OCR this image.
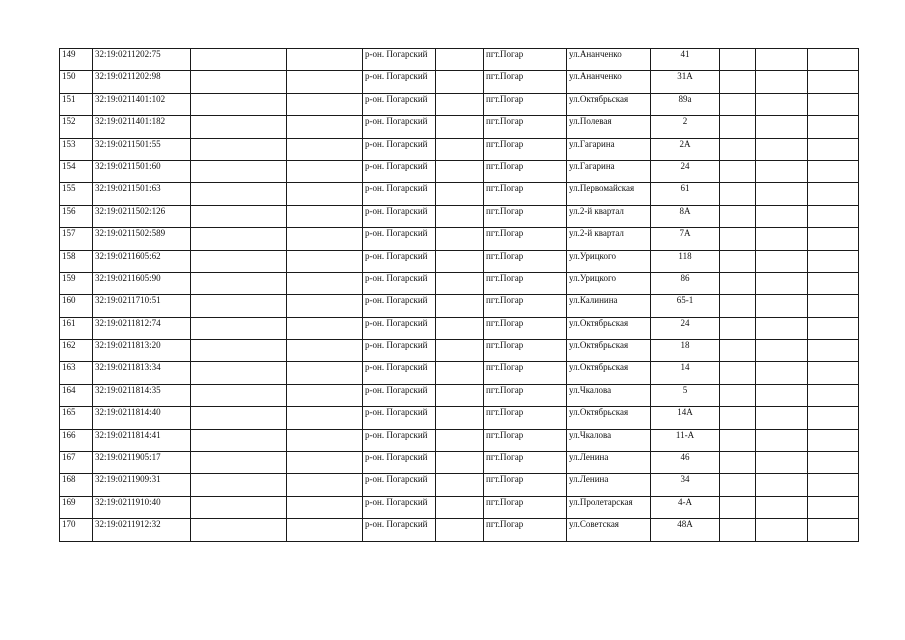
149	32:19:0211202:75			р-он. Погарский		пгт.Погар	ул.Ананченко	41			
150	32:19:0211202:98			р-он. Погарский		пгт.Погар	ул.Ананченко	31А			
151	32:19:0211401:102			р-он. Погарский		пгт.Погар	ул.Октябрьская	89а			
152	32:19:0211401:182			р-он. Погарский		пгт.Погар	ул.Полевая	2			
153	32:19:0211501:55			р-он. Погарский		пгт.Погар	ул.Гагарина	2А			
154	32:19:0211501:60			р-он. Погарский		пгт.Погар	ул.Гагарина	24			
155	32:19:0211501:63			р-он. Погарский		пгт.Погар	ул.Первомайская	61			
156	32:19:0211502:126			р-он. Погарский		пгт.Погар	ул.2-й квартал	8А			
157	32:19:0211502:589			р-он. Погарский		пгт.Погар	ул.2-й квартал	7А			
158	32:19:0211605:62			р-он. Погарский		пгт.Погар	ул.Урицкого	118			
159	32:19:0211605:90			р-он. Погарский		пгт.Погар	ул.Урицкого	86			
160	32:19:0211710:51			р-он. Погарский		пгт.Погар	ул.Калинина	65-1			
161	32:19:0211812:74			р-он. Погарский		пгт.Погар	ул.Октябрьская	24			
162	32:19:0211813:20			р-он. Погарский		пгт.Погар	ул.Октябрьская	18			
163	32:19:0211813:34			р-он. Погарский		пгт.Погар	ул.Октябрьская	14			
164	32:19:0211814:35			р-он. Погарский		пгт.Погар	ул.Чкалова	5			
165	32:19:0211814:40			р-он. Погарский		пгт.Погар	ул.Октябрьская	14А			
166	32:19:0211814:41			р-он. Погарский		пгт.Погар	ул.Чкалова	11-А			
167	32:19:0211905:17			р-он. Погарский		пгт.Погар	ул.Ленина	46			
168	32:19:0211909:31			р-он. Погарский		пгт.Погар	ул.Ленина	34			
169	32:19:0211910:40			р-он. Погарский		пгт.Погар	ул.Пролетарская	4-А			
170	32:19:0211912:32			р-он. Погарский		пгт.Погар	ул.Советская	48А			
